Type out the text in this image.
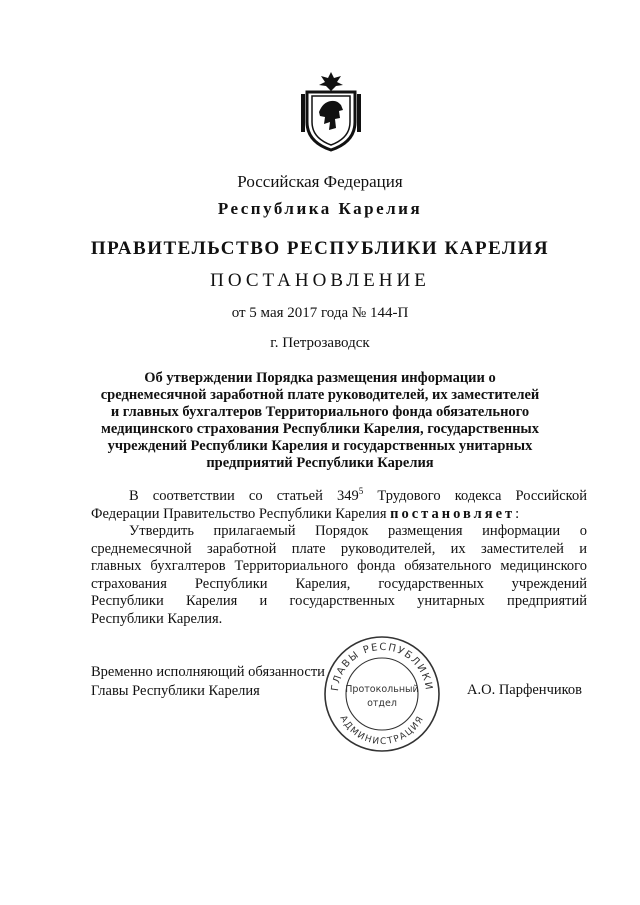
Российская Федерация
Республика Карелия
ПРАВИТЕЛЬСТВО РЕСПУБЛИКИ КАРЕЛИЯ
ПОСТАНОВЛЕНИЕ
от 5 мая 2017 года № 144-П
г. Петрозаводск
Об утверждении Порядка размещения информации о
среднемесячной заработной плате руководителей, их заместителей
и главных бухгалтеров Территориального фонда обязательного
медицинского страхования Республики Карелия, государственных
учреждений Республики Карелия и государственных унитарных
предприятий Республики Карелия
В соответствии со статьей $349^5$ Трудового кодекса Российской
Федерации Правительство Республики Карелия постановляет:
Утвердить прилагаемый Порядок размещения информации о
среднемесячной заработной плате руководителей, их заместителей и
главных бухгалтеров Территориального фонда обязательного медицинского
страхования Республики Карелия, государственных учреждений
Республики Карелия и государственных унитарных предприятий
Республики Карелия.
Временно исполняющий обязанности
Главы Республики Карелия	А.О. Парфенчиков
ГЛАВЫ РЕСПУБЛИКИ
АДМИНИСТРАЦИЯ
Протокольный
отдел
